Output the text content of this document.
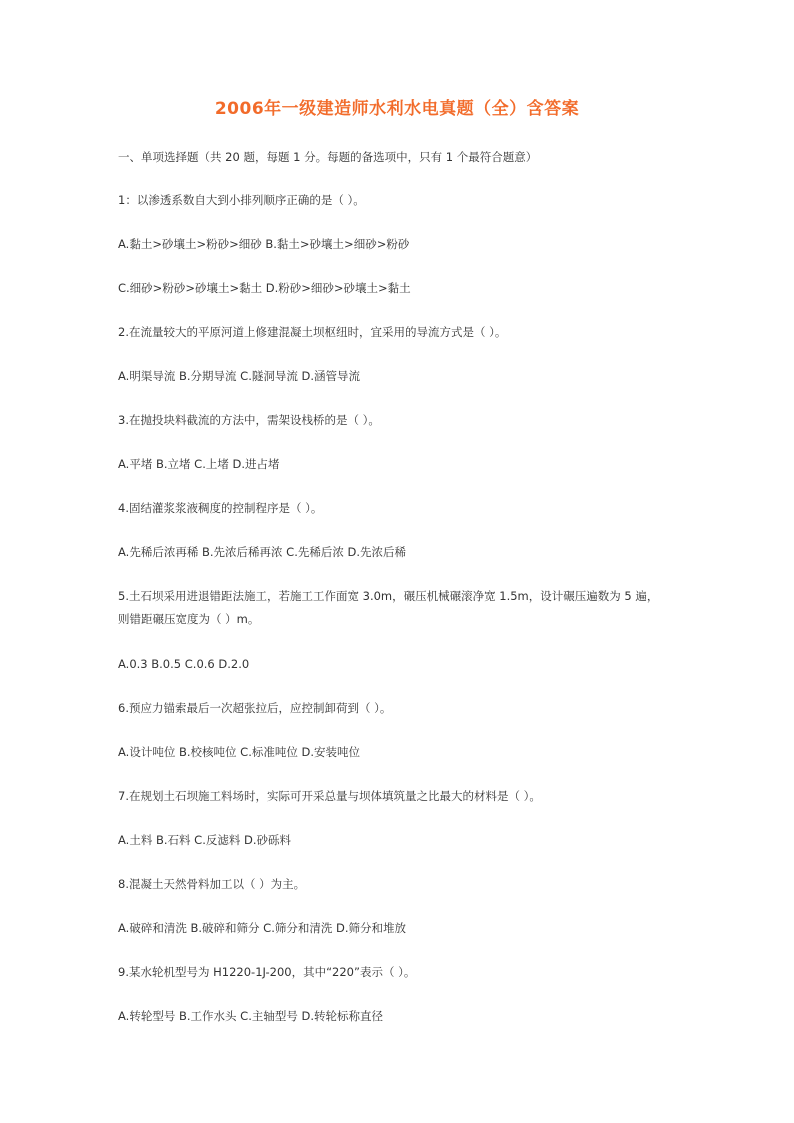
2006年一级建造师水利水电真题（全）含答案
一、单项选择题（共 20 题，每题 1 分。每题的备选项中，只有 1 个最符合题意）
1：以渗透系数自大到小排列顺序正确的是（ ）。
A.黏土>砂壤土>粉砂>细砂 B.黏土>砂壤土>细砂>粉砂
C.细砂>粉砂>砂壤土>黏土 D.粉砂>细砂>砂壤土>黏土
2.在流量较大的平原河道上修建混凝土坝枢纽时，宜采用的导流方式是（ ）。
A.明渠导流 B.分期导流 C.隧洞导流 D.涵管导流
3.在抛投块料截流的方法中，需架设栈桥的是（ ）。
A.平堵 B.立堵 C.上堵 D.进占堵
4.固结灌浆浆液稠度的控制程序是（ ）。
A.先稀后浓再稀 B.先浓后稀再浓 C.先稀后浓 D.先浓后稀
5.土石坝采用进退错距法施工，若施工工作面宽 3.0m，碾压机械碾滚净宽 1.5m，设计碾压遍数为 5 遍，
则错距碾压宽度为（ ）m。
A.0.3 B.0.5 C.0.6 D.2.0
6.预应力锚索最后一次超张拉后，应控制卸荷到（ ）。
A.设计吨位 B.校核吨位 C.标准吨位 D.安装吨位
7.在规划土石坝施工料场时，实际可开采总量与坝体填筑量之比最大的材料是（ ）。
A.土料 B.石料 C.反滤料 D.砂砾料
8.混凝土天然骨料加工以（ ）为主。
A.破碎和清洗 B.破碎和筛分 C.筛分和清洗 D.筛分和堆放
9.某水轮机型号为 H1220-1J-200，其中“220”表示（ ）。
A.转轮型号 B.工作水头 C.主轴型号 D.转轮标称直径
